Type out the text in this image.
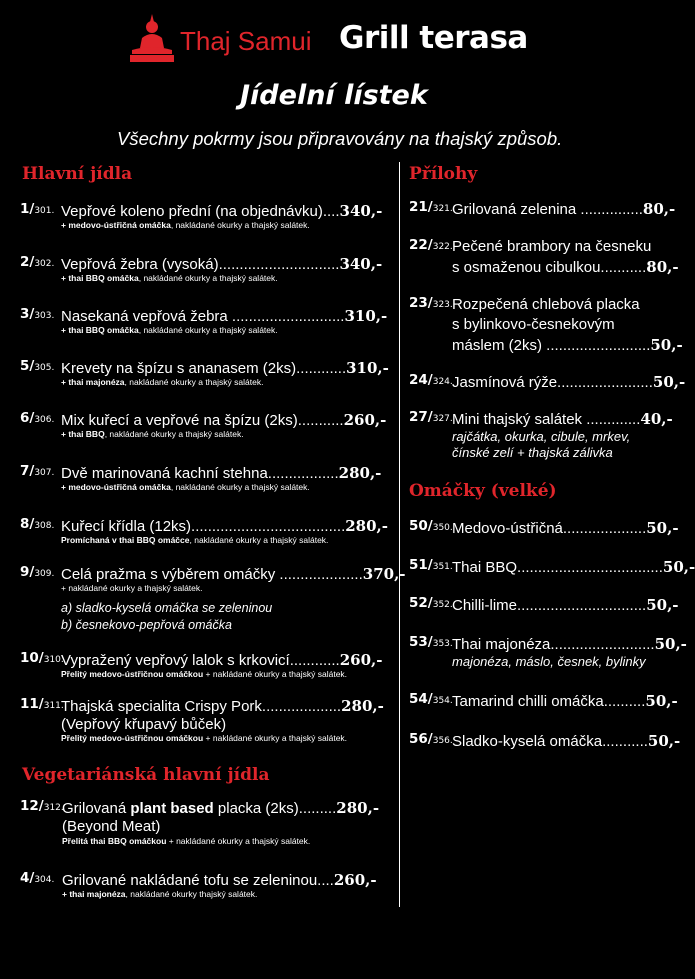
Thaj Samui Grill terasa
Jídelní lístek
Všechny pokrmy jsou připravovány na thajský způsob.
Hlavní jídla
1/301. Vepřové koleno přední (na objednávku)....340,-
+ medovo-ústřičná omáčka, nakládané okurky a thajský salátek.
2/302. Vepřová žebra (vysoká).............................340,-
+ thai BBQ omáčka, nakládané okurky a thajský salátek.
3/303. Nasekaná vepřová žebra ...........................310,-
+ thai BBQ omáčka, nakládané okurky a thajský salátek.
5/305. Krevety na špízu s ananasem (2ks)............310,-
+ thai majonéza, nakládané okurky a thajský salátek.
6/306. Mix kuřecí a vepřové na špízu (2ks)...........260,-
+ thai BBQ, nakládané okurky a thajský salátek.
7/307. Dvě marinovaná kachní stehna.................280,-
+ medovo-ústřičná omáčka, nakládané okurky a thajský salátek.
8/308. Kuřecí křídla (12ks).....................................280,-
Promíchaná v thai BBQ omáčce, nakládané okurky a thajský salátek.
9/309. Celá pražma s výběrem omáčky ....................370,-
+ nakládané okurky a thajský salátek.
a) sladko-kyselá omáčka se zeleninou
b) česnekovo-pepřová omáčka
10/310.
Vypražený vepřový lalok s krkovicí............260,-
Přelitý medovo-ústřičnou omáčkou + nakládané okurky a thajský salátek.
11/311.
Thajská specialita Crispy Pork...................280,-
(Vepřový křupavý bůček)
Přelitý medovo-ústřičnou omáčkou + nakládané okurky a thajský salátek.
Vegetariánská hlavní jídla
12/312.
Grilovaná plant based placka (2ks).........280,-
(Beyond Meat)
Přelitá thai BBQ omáčkou + nakládané okurky a thajský salátek.
4/304. Grilované nakládané tofu se zeleninou....260,-
+ thai majonéza, nakládané okurky thajský salátek.
Přílohy
21/321. Grilovaná zelenina ...............80,-
22/322. Pečené brambory na česneku
s osmaženou cibulkou...........80,-
23/323. Rozpečená chlebová placka
s bylinkovo-česnekovým
máslem (2ks) .........................50,-
24/324. Jasmínová rýže.......................50,-
27/327. Mini thajský salátek .............40,-
rajčátka, okurka, cibule, mrkev,
čínské zelí + thajská zálivka
Omáčky (velké)
50/350. Medovo-ústřičná....................50,-
51/351. Thai BBQ...................................50,-
52/352. Chilli-lime...............................50,-
53/353. Thai majonéza.........................50,-
majonéza, máslo, česnek, bylinky
54/354. Tamarind chilli omáčka..........50,-
56/356. Sladko-kyselá omáčka...........50,-
